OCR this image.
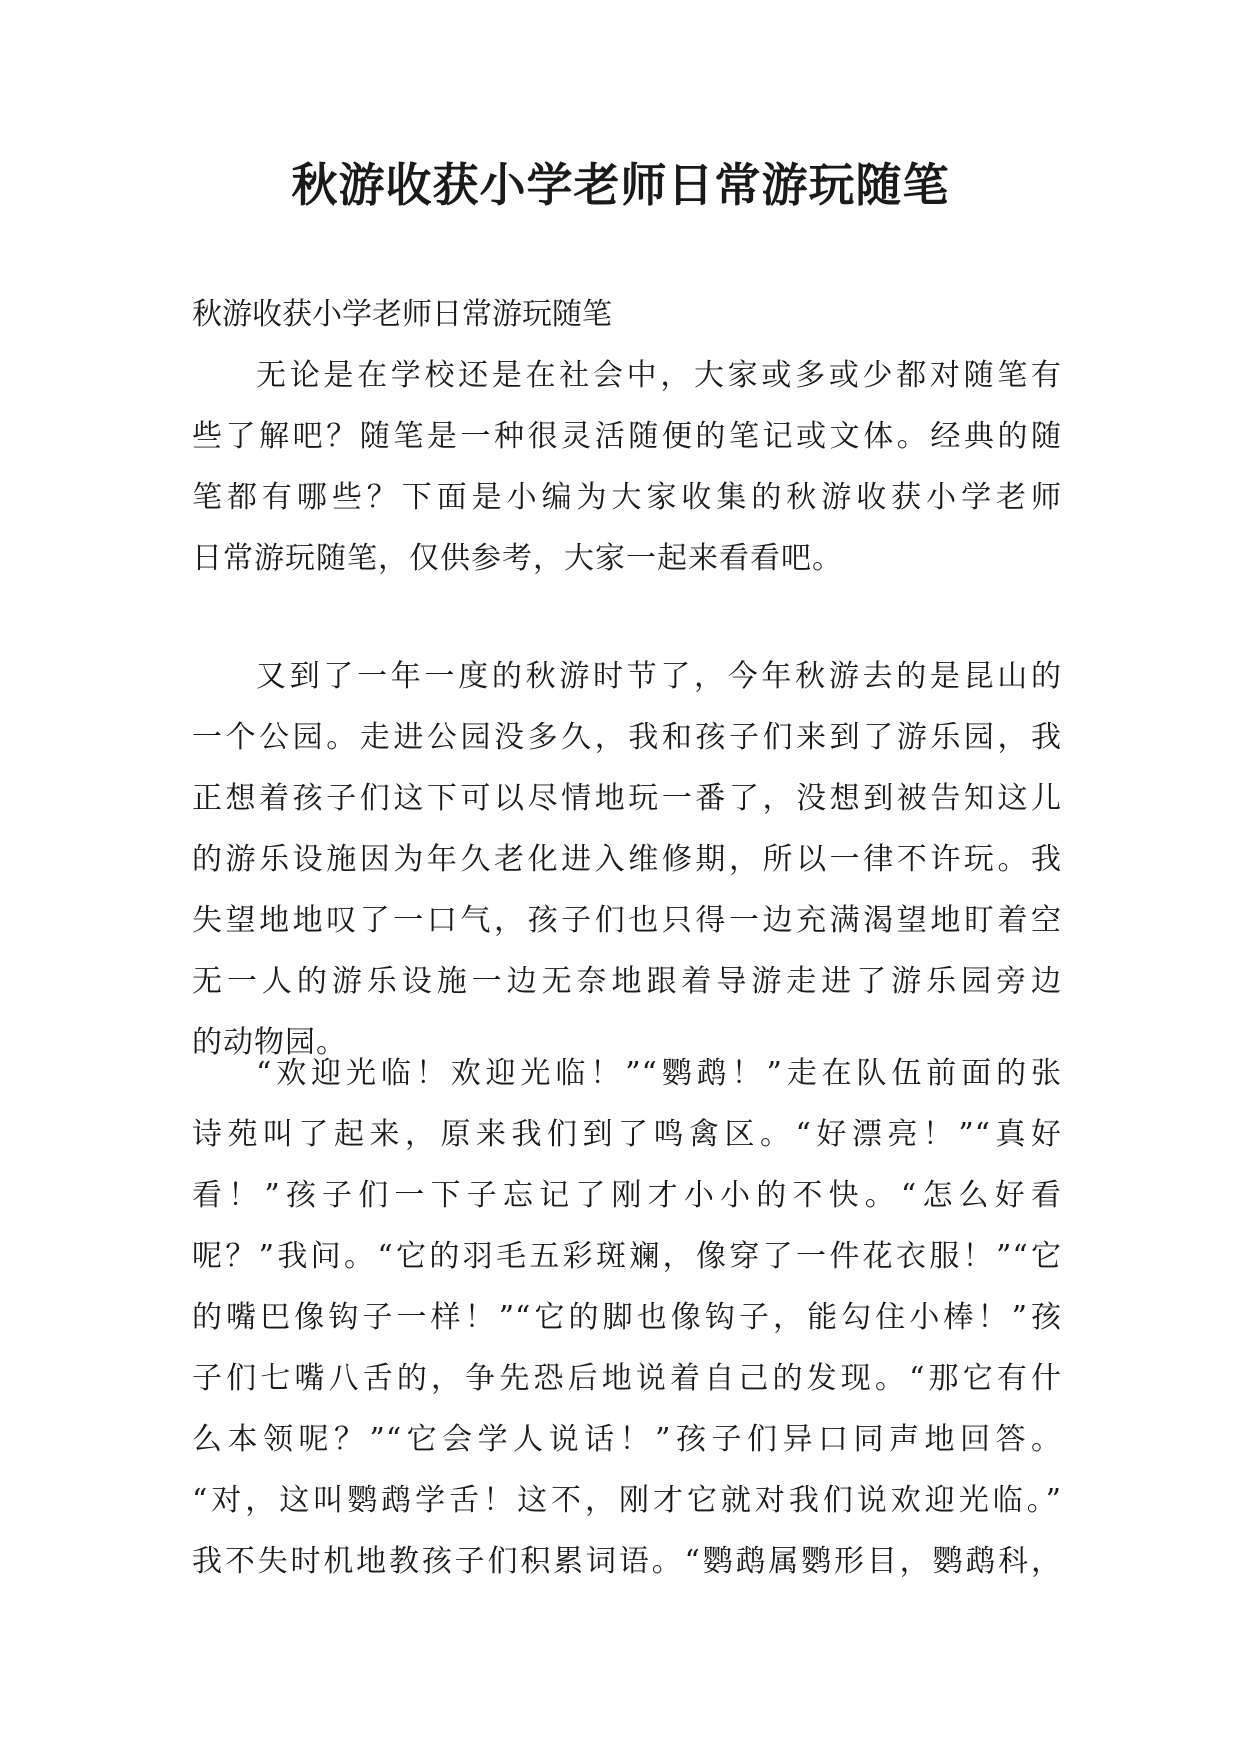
秋游收获小学老师日常游玩随笔
秋游收获小学老师日常游玩随笔
无论是在学校还是在社会中，大家或多或少都对随笔有
些了解吧？随笔是一种很灵活随便的笔记或文体。经典的随
笔都有哪些？下面是小编为大家收集的秋游收获小学老师
日常游玩随笔，仅供参考，大家一起来看看吧。
又到了一年一度的秋游时节了，今年秋游去的是昆山的
一个公园。走进公园没多久，我和孩子们来到了游乐园，我
正想着孩子们这下可以尽情地玩一番了，没想到被告知这儿
的游乐设施因为年久老化进入维修期，所以一律不许玩。我
失望地地叹了一口气，孩子们也只得一边充满渴望地盯着空
无一人的游乐设施一边无奈地跟着导游走进了游乐园旁边
的动物园。
“欢迎光临！欢迎光临！”“鹦鹉！”走在队伍前面的张
诗苑叫了起来，原来我们到了鸣禽区。“好漂亮！”“真好
看！”孩子们一下子忘记了刚才小小的不快。“怎么好看
呢？”我问。“它的羽毛五彩斑斓，像穿了一件花衣服！”“它
的嘴巴像钩子一样！”“它的脚也像钩子，能勾住小棒！”孩
子们七嘴八舌的，争先恐后地说着自己的发现。“那它有什
么本领呢？”“它会学人说话！”孩子们异口同声地回答。
“对，这叫鹦鹉学舌！这不，刚才它就对我们说欢迎光临。”
我不失时机地教孩子们积累词语。“鹦鹉属鹦形目，鹦鹉科，
